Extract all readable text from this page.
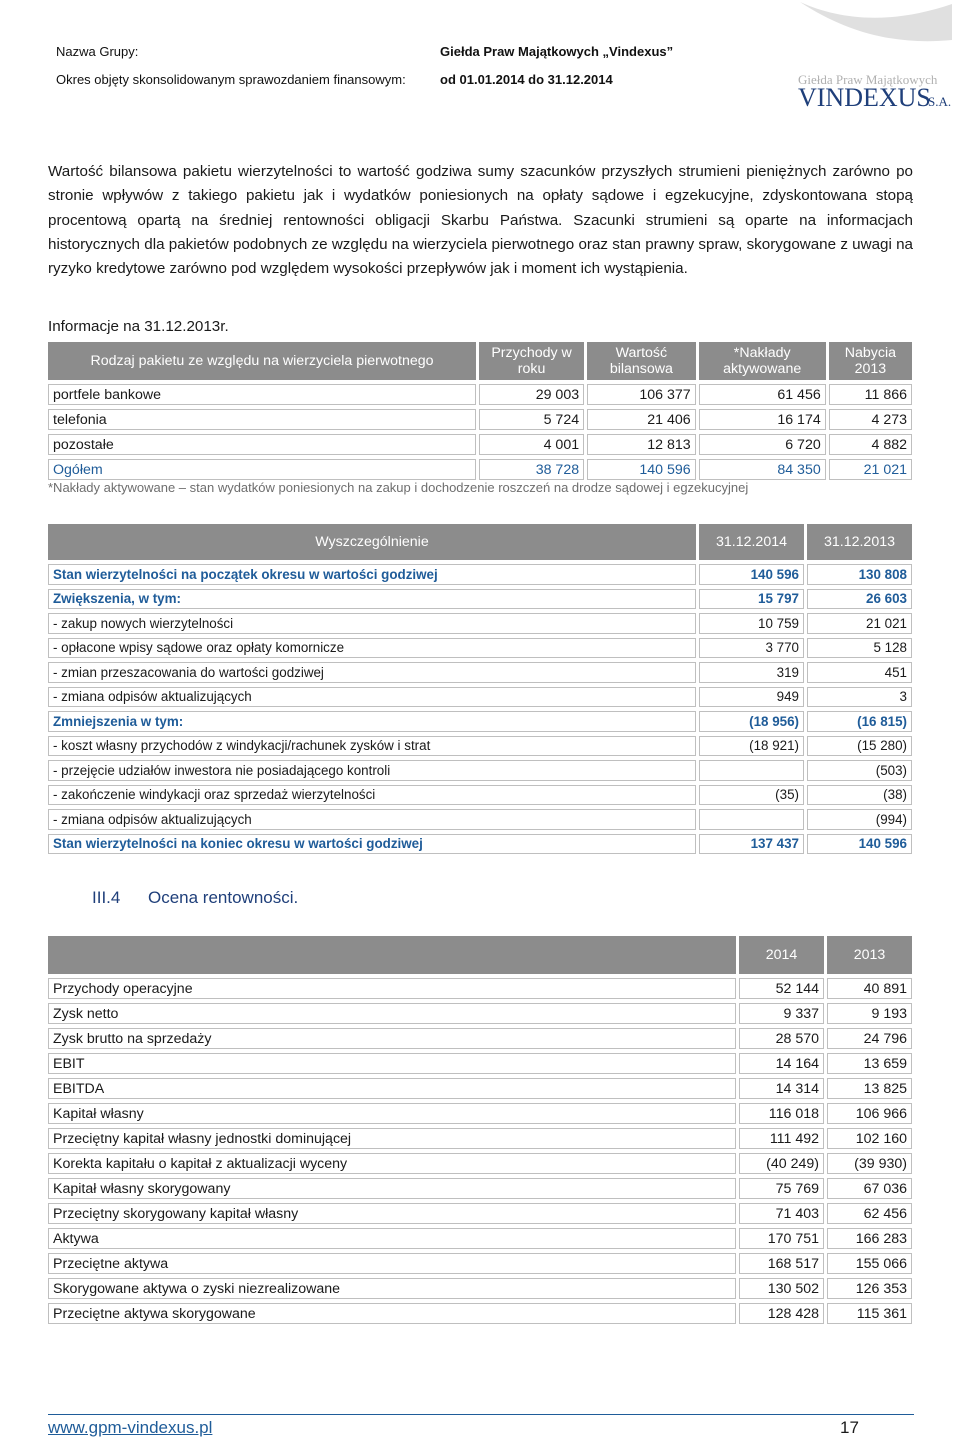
Nazwa Grupy:	Giełda Praw Majątkowych „Vindexus”
Okres objęty skonsolidowanym sprawozdaniem finansowym:	od 01.01.2014 do 31.12.2014	Giełda Praw Majątkowych
VINDEXUS
S.A.
Wartość bilansowa pakietu wierzytelności to wartość godziwa sumy szacunków przyszłych strumieni pieniężnych zarówno po stronie wpływów z takiego pakietu jak i wydatków poniesionych na opłaty sądowe i egzekucyjne, zdyskontowana stopą procentową opartą na średniej rentowności obligacji Skarbu Państwa. Szacunki strumieni są oparte na informacjach historycznych dla pakietów podobnych ze względu na wierzyciela pierwotnego oraz stan prawny spraw, skorygowane z uwagi na ryzyko kredytowe zarówno pod względem wysokości przepływów jak i moment ich wystąpienia.
Informacje na 31.12.2013r.
Rodzaj pakietu ze względu na wierzyciela pierwotnego	Przychody w roku	Wartość bilansowa	*Nakłady aktywowane	Nabycia 2013
portfele bankowe	29 003	106 377	61 456	11 866
telefonia	5 724	21 406	16 174	4 273
pozostałe	4 001	12 813	6 720	4 882
Ogółem	38 728	140 596	84 350	21 021
*Nakłady aktywowane – stan wydatków poniesionych na zakup i dochodzenie roszczeń na drodze sądowej i egzekucyjnej
Wyszczególnienie	31.12.2014	31.12.2013
Stan wierzytelności na początek okresu w wartości godziwej	140 596	130 808
Zwiększenia, w tym:	15 797	26 603
- zakup nowych wierzytelności	10 759	21 021
- opłacone wpisy sądowe oraz opłaty komornicze	3 770	5 128
- zmian przeszacowania do wartości godziwej	319	451
- zmiana odpisów aktualizujących	949	3
Zmniejszenia w tym:	(18 956)	(16 815)
- koszt własny przychodów z windykacji/rachunek zysków i strat	(18 921)	(15 280)
- przejęcie udziałów inwestora nie posiadającego kontroli		(503)
- zakończenie windykacji oraz sprzedaż wierzytelności	(35)	(38)
- zmiana odpisów aktualizujących		(994)
Stan wierzytelności na koniec okresu w wartości godziwej	137 437	140 596
III.4 Ocena rentowności.
	2014	2013
Przychody operacyjne	52 144	40 891
Zysk netto	9 337	9 193
Zysk brutto na sprzedaży	28 570	24 796
EBIT	14 164	13 659
EBITDA	14 314	13 825
Kapitał własny	116 018	106 966
Przeciętny kapitał własny jednostki dominującej	111 492	102 160
Korekta kapitału o kapitał z aktualizacji wyceny	(40 249)	(39 930)
Kapitał własny skorygowany	75 769	67 036
Przeciętny skorygowany kapitał własny	71 403	62 456
Aktywa	170 751	166 283
Przeciętne aktywa	168 517	155 066
Skorygowane aktywa o zyski niezrealizowane	130 502	126 353
Przeciętne aktywa skorygowane	128 428	115 361
www.gpm-vindexus.pl	17
